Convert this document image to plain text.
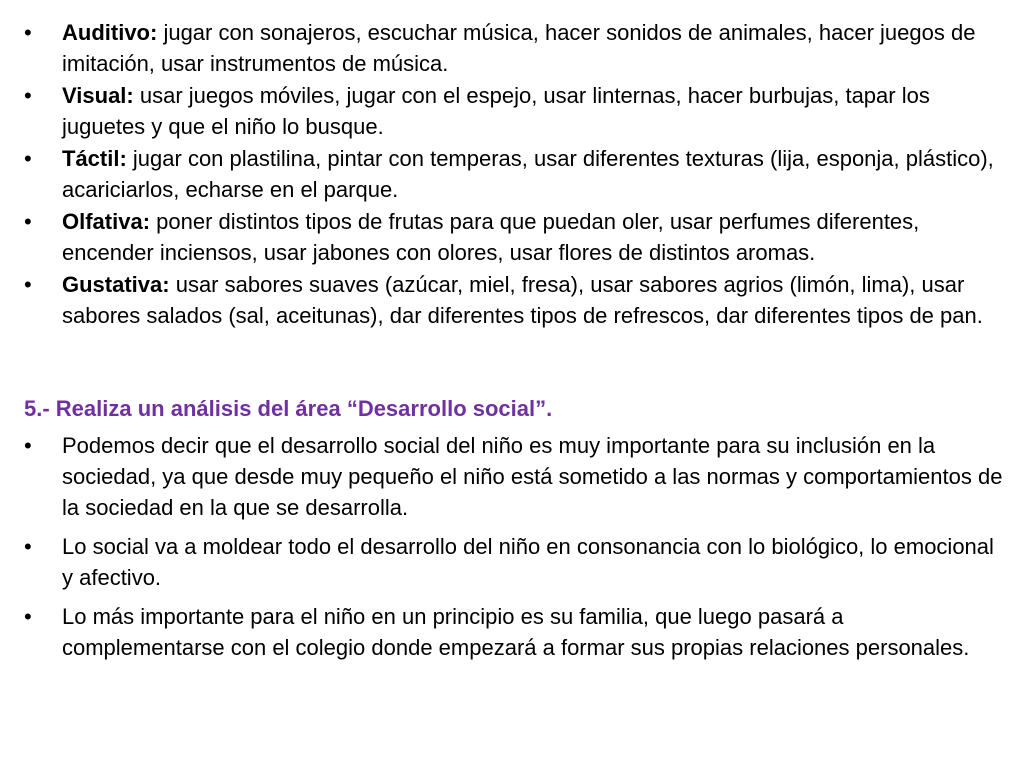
•	Auditivo: jugar con sonajeros, escuchar música, hacer sonidos de animales, hacer juegos de imitación, usar instrumentos de música.
•	Visual: usar juegos móviles, jugar con el espejo, usar linternas, hacer burbujas, tapar los juguetes y que el niño lo busque.
•	Táctil: jugar con plastilina, pintar con temperas, usar diferentes texturas (lija, esponja, plástico), acariciarlos, echarse en el parque.
•	Olfativa: poner distintos tipos de frutas para que puedan oler, usar perfumes diferentes, encender inciensos, usar jabones con olores, usar flores de distintos aromas.
•	Gustativa: usar sabores suaves (azúcar, miel, fresa), usar sabores agrios (limón, lima), usar sabores salados (sal, aceitunas), dar diferentes tipos de refrescos, dar diferentes tipos de pan.
5.- Realiza un análisis del área “Desarrollo social”.
•	Podemos decir que el desarrollo social del niño es muy importante para su inclusión en la sociedad, ya que desde muy pequeño el niño está sometido a las normas y comportamientos de la sociedad en la que se desarrolla.
•	Lo social va a moldear todo el desarrollo del niño en consonancia con lo biológico, lo emocional y afectivo.
•	Lo más importante para el niño en un principio es su familia, que luego pasará a complementarse con el colegio donde empezará a formar sus propias relaciones personales.
